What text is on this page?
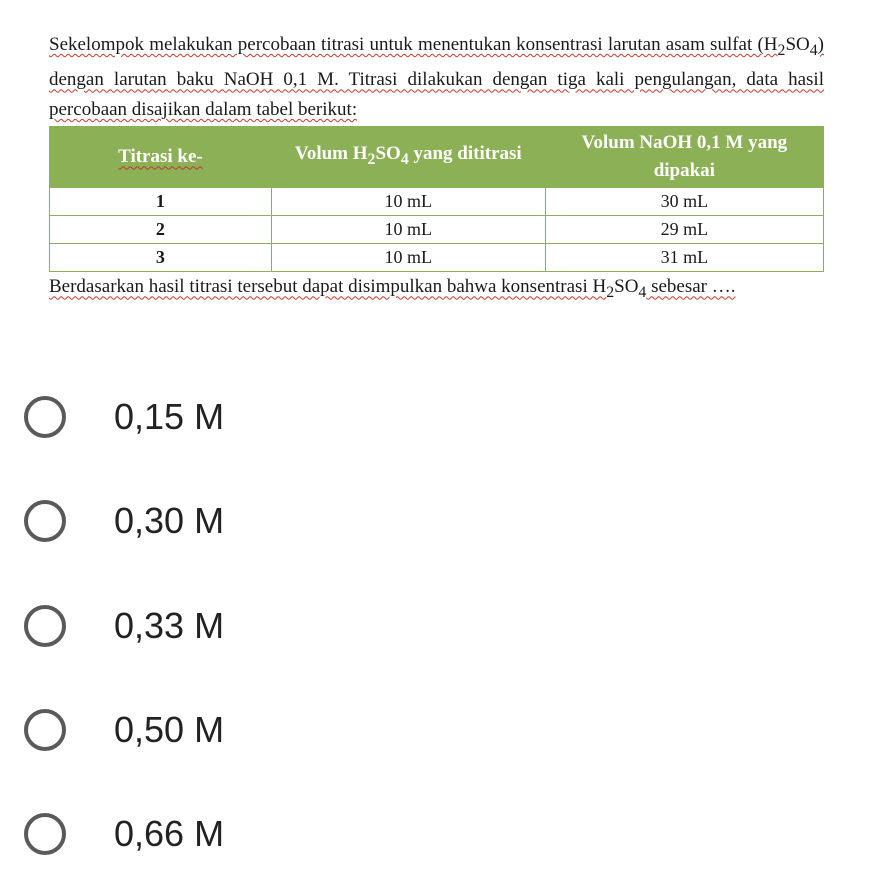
Sekelompok melakukan percobaan titrasi untuk menentukan konsentrasi larutan asam sulfat $(H_2SO_4)$ dengan larutan baku NaOH 0,1 M. Titrasi dilakukan dengan tiga kali pengulangan, data hasil percobaan disajikan dalam tabel berikut:

Titrasi ke-	Volum $H_2SO_4$ yang dititrasi	Volum NaOH 0,1 M yang dipakai
1	10 mL	30 mL
2	10 mL	29 mL
3	10 mL	31 mL

Berdasarkan hasil titrasi tersebut dapat disimpulkan bahwa konsentrasi $H_2SO_4$ sebesar ….

0,15 M
0,30 M
0,33 M
0,50 M
0,66 M
